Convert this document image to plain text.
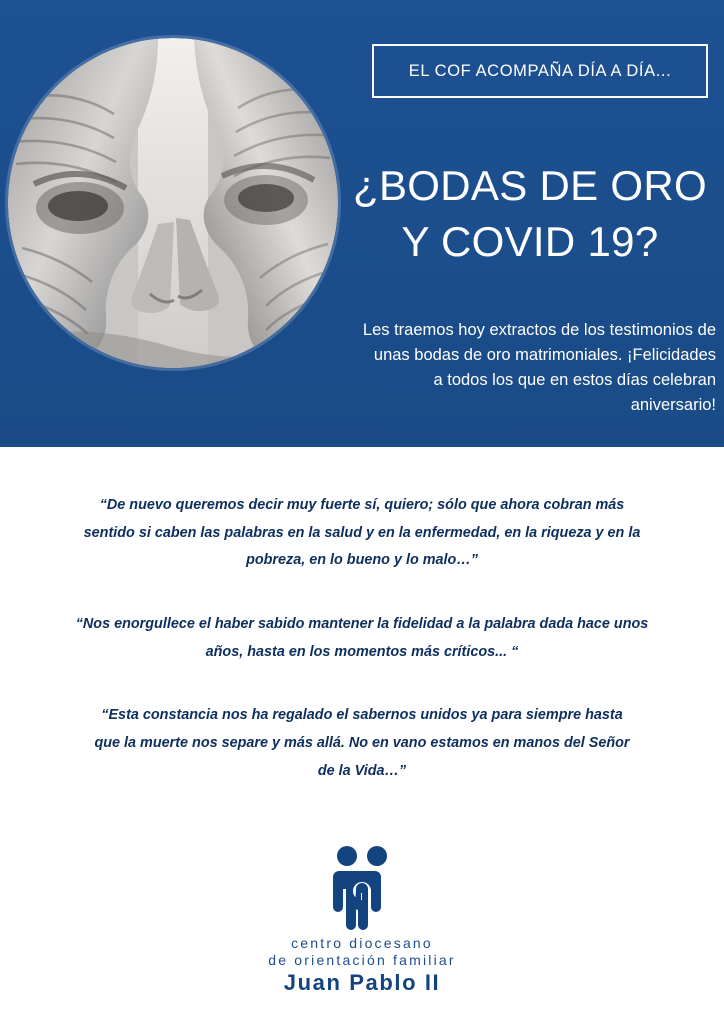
EL COF ACOMPAÑA DÍA A DÍA...
¿BODAS DE ORO
Y COVID 19?
Les traemos hoy extractos de los testimonios de unas bodas de oro matrimoniales. ¡Felicidades a todos los que en estos días celebran aniversario!

“De nuevo queremos decir muy fuerte sí, quiero; sólo que ahora cobran más sentido si caben las palabras en la salud y en la enfermedad, en la riqueza y en la pobreza, en lo bueno y lo malo…”

“Nos enorgullece el haber sabido mantener la fidelidad a la palabra dada hace unos años, hasta en los momentos más críticos... “

“Esta constancia nos ha regalado el sabernos unidos ya para siempre hasta que la muerte nos separe y más allá. No en vano estamos en manos del Señor de la Vida…”

centro diocesano
de orientación familiar
Juan Pablo II
